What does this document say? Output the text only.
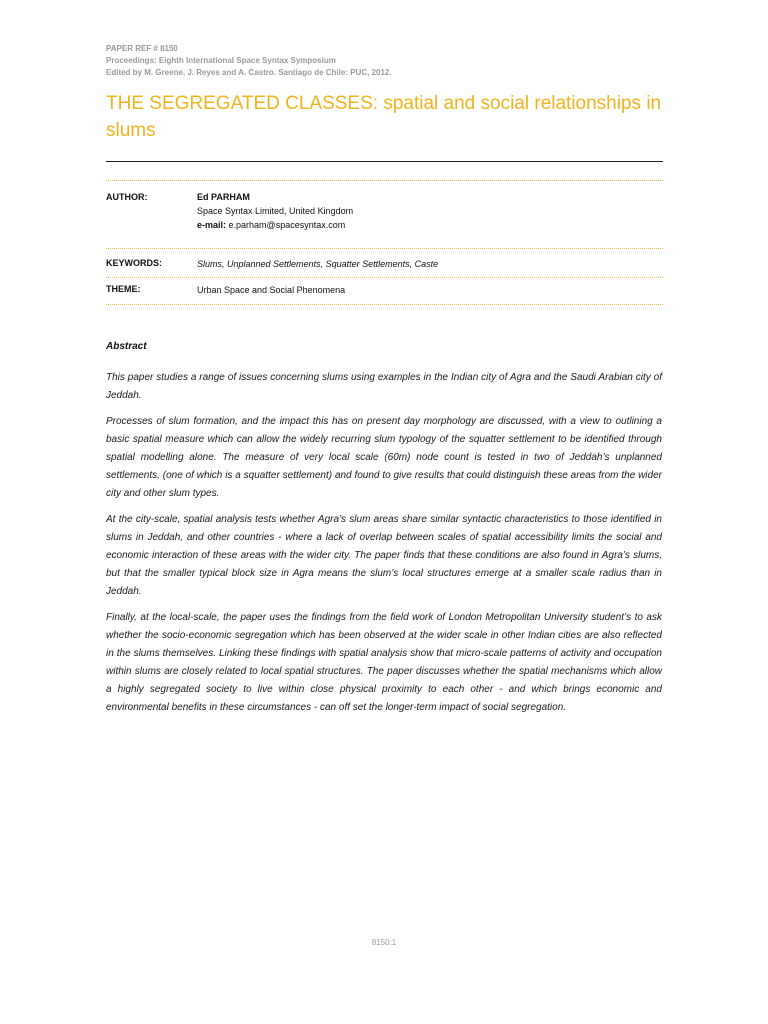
PAPER REF # 8150
Proceedings: Eighth International Space Syntax Symposium
Edited by M. Greene, J. Reyes and A. Castro. Santiago de Chile: PUC, 2012.
THE SEGREGATED CLASSES: spatial and social relationships in slums
AUTHOR:	Ed PARHAM
Space Syntax Limited, United Kingdom
e-mail: e.parham@spacesyntax.com
KEYWORDS:	Slums, Unplanned Settlements, Squatter Settlements, Caste
THEME:	Urban Space and Social Phenomena
Abstract

This paper studies a range of issues concerning slums using examples in the Indian city of Agra and the Saudi Arabian city of Jeddah.

Processes of slum formation, and the impact this has on present day morphology are discussed, with a view to outlining a basic spatial measure which can allow the widely recurring slum typology of the squatter settlement to be identified through spatial modelling alone. The measure of very local scale (60m) node count is tested in two of Jeddah’s unplanned settlements, (one of which is a squatter settlement) and found to give results that could distinguish these areas from the wider city and other slum types.

At the city-scale, spatial analysis tests whether Agra’s slum areas share similar syntactic characteristics to those identified in slums in Jeddah, and other countries - where a lack of overlap between scales of spatial accessibility limits the social and economic interaction of these areas with the wider city. The paper finds that these conditions are also found in Agra’s slums, but that the smaller typical block size in Agra means the slum’s local structures emerge at a smaller scale radius than in Jeddah.

Finally, at the local-scale, the paper uses the findings from the field work of London Metropolitan University student’s to ask whether the socio-economic segregation which has been observed at the wider scale in other Indian cities are also reflected in the slums themselves. Linking these findings with spatial analysis show that micro-scale patterns of activity and occupation within slums are closely related to local spatial structures. The paper discusses whether the spatial mechanisms which allow a highly segregated society to live within close physical proximity to each other - and which brings economic and environmental benefits in these circumstances - can off set the longer-term impact of social segregation.

8150:1
